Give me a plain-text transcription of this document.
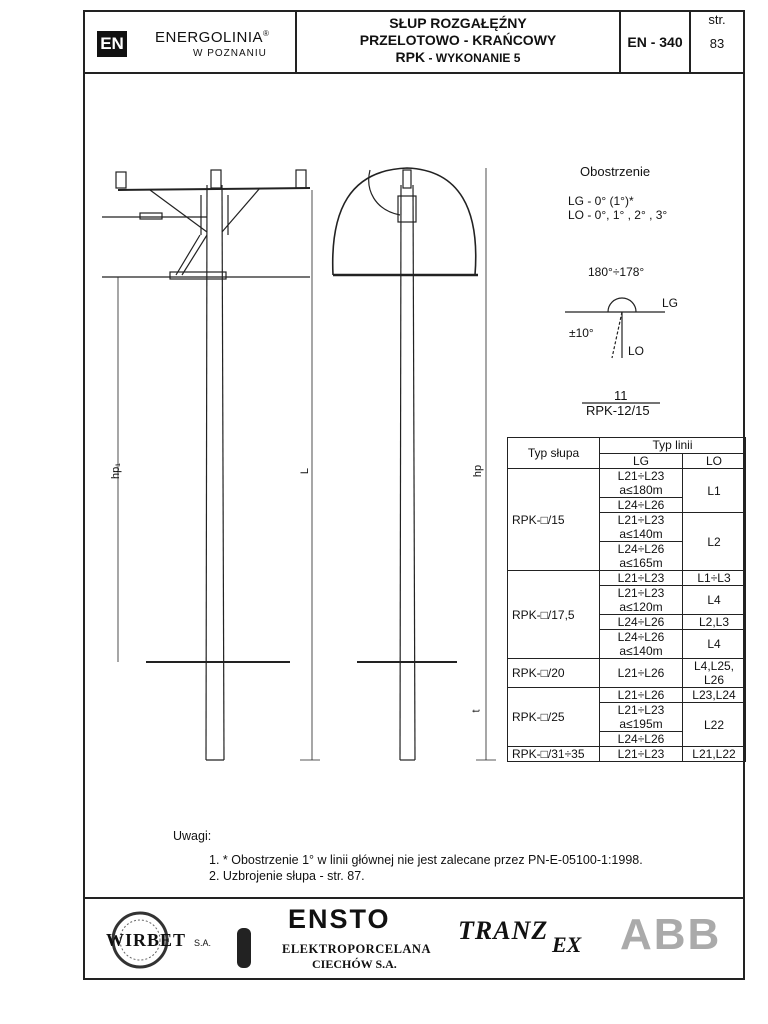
EN ENERGOLINIA®
W POZNANIU
SŁUP ROZGAŁĘŹNY
PRZELOTOWO - KRAŃCOWY
RPK - WYKONANIE 5
EN - 340
str.
83
hp₁	L	hp
t
Obostrzenie
LG - 0° (1°)*
LO - 0°, 1° , 2° , 3°
180°÷178°
LG
±10°
LO
11
RPK-12/15
Typ słupa	Typ linii	
	LG	LO
RPK-□/15	L21÷L23
a≤180m	L1

	L24÷L26	

	L21÷L23
a≤140m	L2

	L24÷L26
a≤165m	

RPK-□/17,5	L21÷L23	L1÷L3

	L21÷L23
a≤120m	L4

	L24÷L26	L2,L3

	L24÷L26
a≤140m	L4

RPK-□/20	L21÷L26	L4,L25,
L26

RPK-□/25	L21÷L26	L23,L24

	L21÷L23
a≤195m	L22

	L24÷L26	

RPK-□/31÷35	L21÷L23	L21,L22
Uwagi:
1. * Obostrzenie 1° w linii głównej nie jest zalecane przez PN-E-05100-1:1998.
2. Uzbrojenie słupa - str. 87.
WIRBET S.A.
ENSTO
ELEKTROPORCELANA
CIECHÓW S.A.
TRANZ EX ABB
